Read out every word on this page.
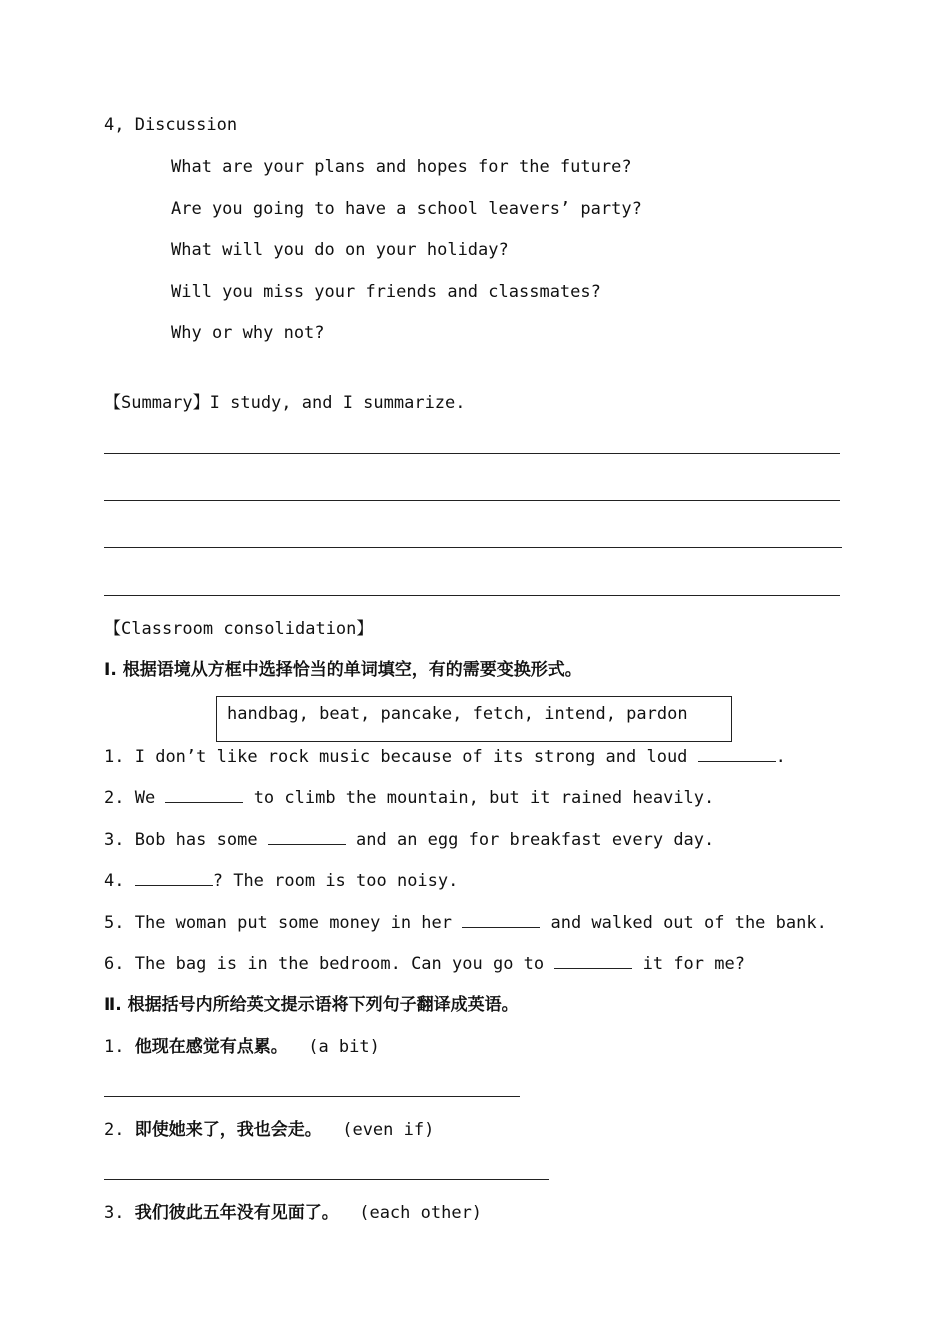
4, Discussion
What are your plans and hopes for the future?
Are you going to have a school leavers’ party?
What will you do on your holiday?
Will you miss your friends and classmates?
Why or why not?
【Summary】I study, and I summarize.
【Classroom consolidation】
Ⅰ. 根据语境从方框中选择恰当的单词填空，有的需要变换形式。
handbag, beat, pancake, fetch, intend, pardon
1. I don’t like rock music because of its strong and loud	.
2. We	to climb the mountain, but it rained heavily.
3. Bob has some	and an egg for breakfast every day.
4.	? The room is too noisy.
5. The woman put some money in her	and walked out of the bank.
6. The bag is in the bedroom. Can you go to	it for me?
Ⅱ. 根据括号内所给英文提示语将下列句子翻译成英语。
1. 他现在感觉有点累。 (a bit)
2. 即使她来了，我也会走。 (even if)
3. 我们彼此五年没有见面了。 (each other)
